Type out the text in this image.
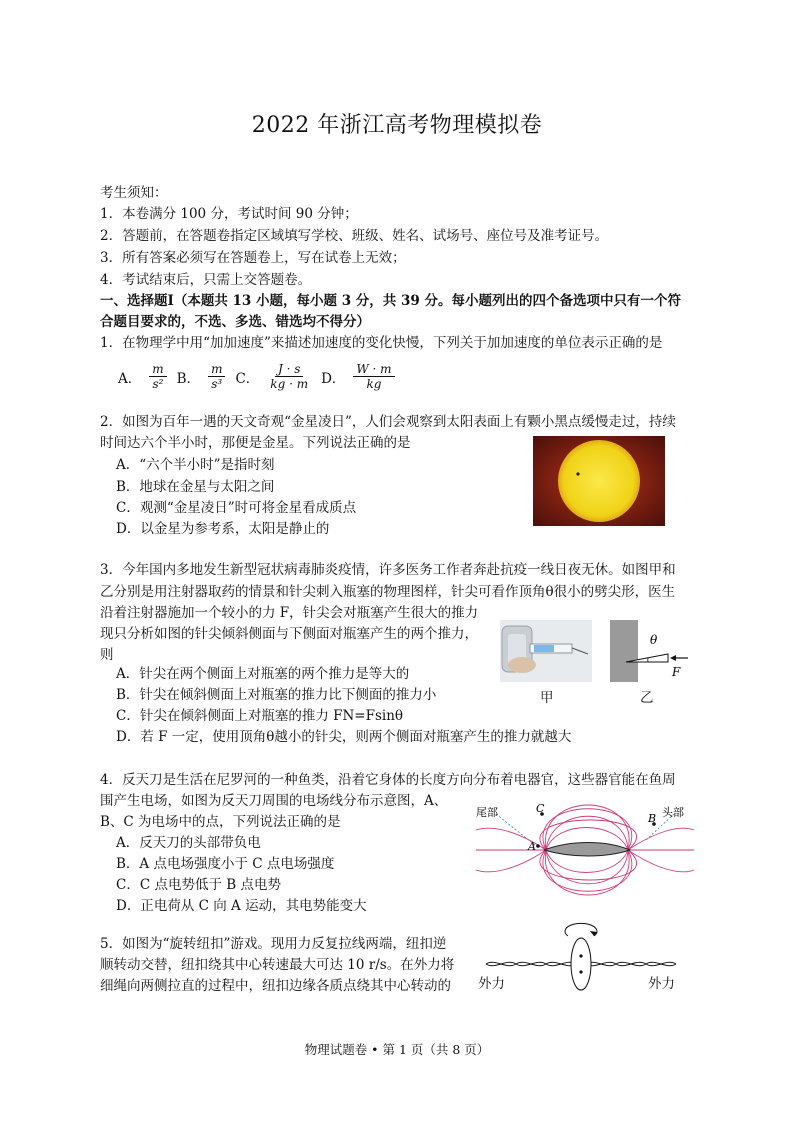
2022 年浙江高考物理模拟卷
考生须知：
1．本卷满分 100 分，考试时间 90 分钟；
2．答题前，在答题卷指定区域填写学校、班级、姓名、试场号、座位号及准考证号。
3．所有答案必须写在答题卷上，写在试卷上无效；
4．考试结束后，只需上交答题卷。
一、选择题Ⅰ（本题共 13 小题，每小题 3 分，共 39 分。每小题列出的四个备选项中只有一个符
合题目要求的，不选、多选、错选均不得分）
1．在物理学中用“加加速度”来描述加速度的变化快慢，下列关于加加速度的单位表示正确的是
A． $\frac{m}{\text{s²}}$ B． $\frac{m}{\text{s³}}$ C． $\frac{J \cdot s}{kg \cdot m}$ D． $\frac{W \cdot m}{kg}$
2．如图为百年一遇的天文奇观“金星凌日”，人们会观察到太阳表面上有颗小黑点缓慢走过，持续
时间达六个半小时，那便是金星。下列说法正确的是
A．“六个半小时”是指时刻
B．地球在金星与太阳之间
C．观测“金星凌日”时可将金星看成质点
D．以金星为参考系，太阳是静止的
3．今年国内多地发生新型冠状病毒肺炎疫情，许多医务工作者奔赴抗疫一线日夜无休。如图甲和
乙分别是用注射器取药的情景和针尖刺入瓶塞的物理图样，针尖可看作顶角θ很小的劈尖形，医生
沿着注射器施加一个较小的力 F，针尖会对瓶塞产生很大的推力
现只分析如图的针尖倾斜侧面与下侧面对瓶塞产生的两个推力，
则
A．针尖在两个侧面上对瓶塞的两个推力是等大的
B．针尖在倾斜侧面上对瓶塞的推力比下侧面的推力小
C．针尖在倾斜侧面上对瓶塞的推力 FN=Fsinθ
D．若 F 一定，使用顶角θ越小的针尖，则两个侧面对瓶塞产生的推力就越大
甲
θ
F
乙
4．反天刀是生活在尼罗河的一种鱼类，沿着它身体的长度方向分布着电器官，这些器官能在鱼周
围产生电场，如图为反天刀周围的电场线分布示意图，A、
B、C 为电场中的点，下列说法正确的是
A．反天刀的头部带负电
B．A 点电场强度小于 C 点电场强度
C．C 点电势低于 B 点电势
D．正电荷从 C 向 A 运动，其电势能变大
尾部	头部
C
A
B
5．如图为“旋转纽扣”游戏。现用力反复拉线两端，纽扣逆
顺转动交替，纽扣绕其中心转速最大可达 10 r/s。在外力将
细绳向两侧拉直的过程中，纽扣边缘各质点绕其中心转动的 外力	外力
物理试题卷 • 第 1 页（共 8 页）
